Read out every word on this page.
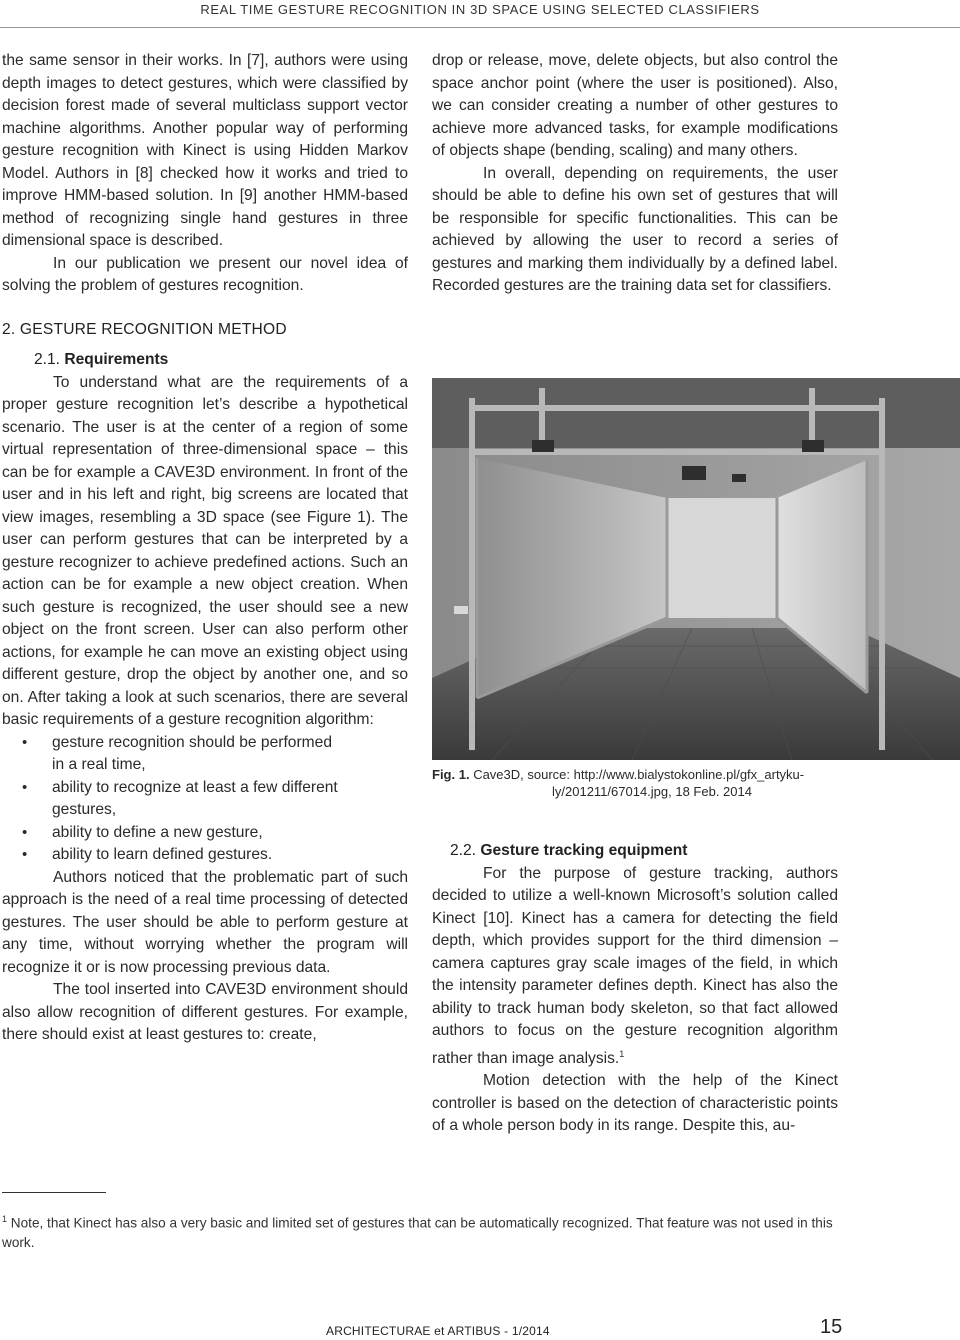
REAL TIME GESTURE RECOGNITION IN 3D SPACE USING SELECTED CLASSIFIERS

the same sensor in their works. In [7], authors were using depth images to detect gestures, which were classified by decision forest made of several multiclass support vector machine algorithms. Another popular way of performing gesture recognition with Kinect is using Hidden Markov Model. Authors in [8] checked how it works and tried to improve HMM-based solution. In [9] another HMM-based method of recognizing single hand gestures in three dimensional space is described.

In our publication we present our novel idea of solving the problem of gestures recognition.

2. GESTURE RECOGNITION METHOD
2.1. Requirements

To understand what are the requirements of a proper gesture recognition let’s describe a hypothetical scenario. The user is at the center of a region of some virtual representation of three-dimensional space – this can be for example a CAVE3D environment. In front of the user and in his left and right, big screens are located that view images, resembling a 3D space (see Figure 1). The user can perform gestures that can be interpreted by a gesture recognizer to achieve predefined actions. Such an action can be for example a new object creation. When such gesture is recognized, the user should see a new object on the front screen. User can also perform other actions, for example he can move an existing object using different gesture, drop the object by another one, and so on. After taking a look at such scenarios, there are several basic requirements of a gesture recognition algorithm:

• gesture recognition should be performed in a real time,
• ability to recognize at least a few different gestures,
• ability to define a new gesture,
• ability to learn defined gestures.

Authors noticed that the problematic part of such approach is the need of a real time processing of detected gestures. The user should be able to perform gesture at any time, without worrying whether the program will recognize it or is now processing previous data.

The tool inserted into CAVE3D environment should also allow recognition of different gestures. For example, there should exist at least gestures to: create,

drop or release, move, delete objects, but also control the space anchor point (where the user is positioned). Also, we can consider creating a number of other gestures to achieve more advanced tasks, for example modifications of objects shape (bending, scaling) and many others.

In overall, depending on requirements, the user should be able to define his own set of gestures that will be responsible for specific functionalities. This can be achieved by allowing the user to record a series of gestures and marking them individually by a defined label. Recorded gestures are the training data set for classifiers.

Fig. 1. Cave3D, source: http://www.bialystokonline.pl/gfx_artyku-
ly/201211/67014.jpg, 18 Feb. 2014
2.2. Gesture tracking equipment

For the purpose of gesture tracking, authors decided to utilize a well-known Microsoft’s solution called Kinect [10]. Kinect has a camera for detecting the field depth, which provides support for the third dimension – camera captures gray scale images of the field, in which the intensity parameter defines depth. Kinect has also the ability to track human body skeleton, so that fact allowed authors to focus on the gesture recognition algorithm rather than image analysis.$^1$

Motion detection with the help of the Kinect controller is based on the detection of characteristic points of a whole person body in its range. Despite this, au-

$^1$ Note, that Kinect has also a very basic and limited set of gestures that can be automatically recognized. That feature was not used in this work.
ARCHITECTURAE et ARTIBUS - 1/2014	15
